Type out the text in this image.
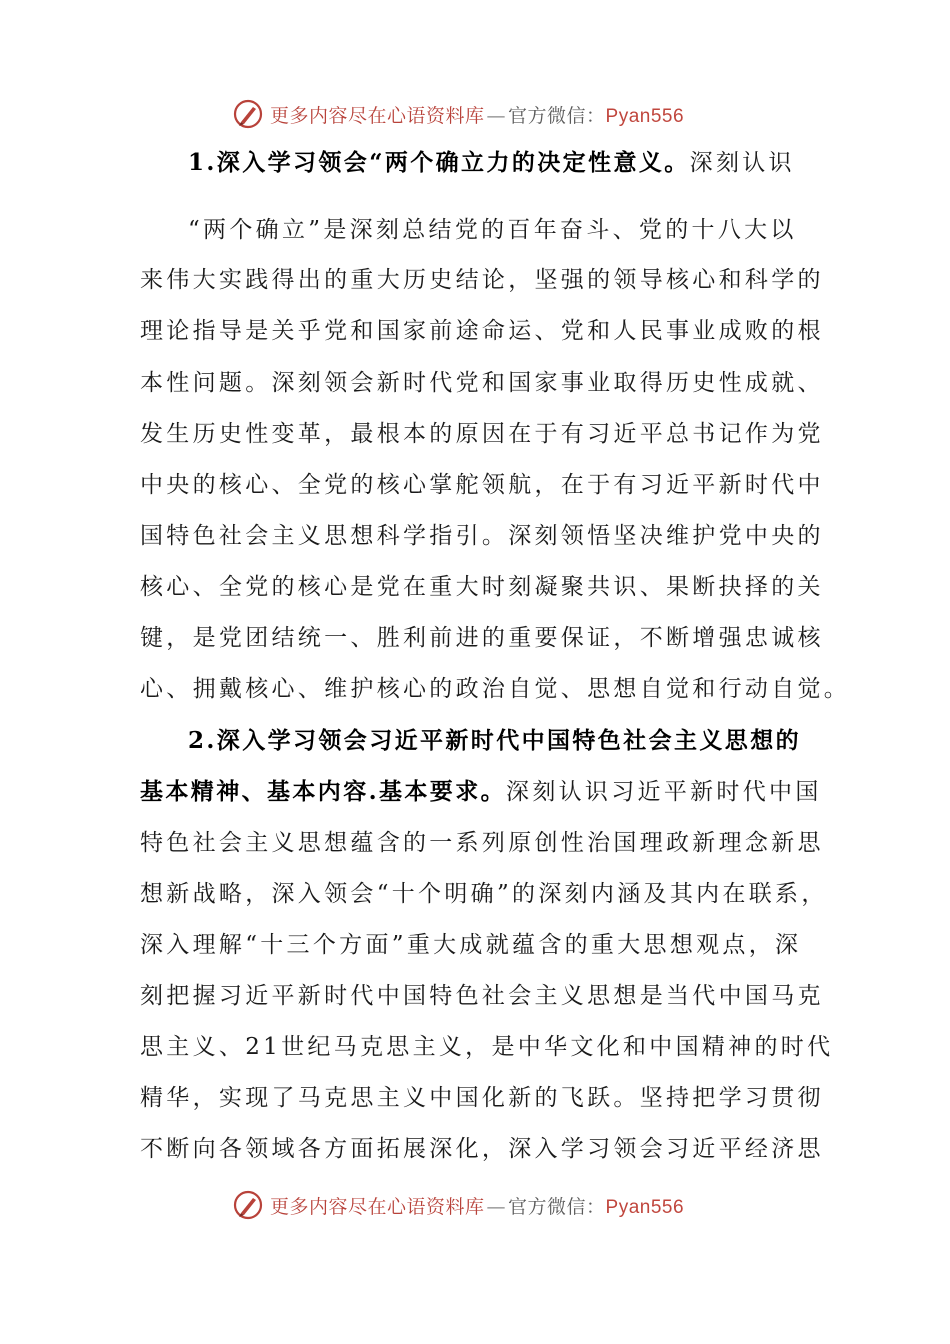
更多内容尽在心语资料库 — 官方微信：Pyan556
1.深入学习领会“两个确立力的决定性意义。深刻认识
“两个确立”是深刻总结党的百年奋斗、党的十八大以
来伟大实践得出的重大历史结论，坚强的领导核心和科学的
理论指导是关乎党和国家前途命运、党和人民事业成败的根
本性问题。深刻领会新时代党和国家事业取得历史性成就、
发生历史性变革，最根本的原因在于有习近平总书记作为党
中央的核心、全党的核心掌舵领航，在于有习近平新时代中
国特色社会主义思想科学指引。深刻领悟坚决维护党中央的
核心、全党的核心是党在重大时刻凝聚共识、果断抉择的关
键，是党团结统一、胜利前进的重要保证，不断增强忠诚核
心、拥戴核心、维护核心的政治自觉、思想自觉和行动自觉。
2.深入学习领会习近平新时代中国特色社会主义思想的
基本精神、基本内容.基本要求。深刻认识习近平新时代中国
特色社会主义思想蕴含的一系列原创性治国理政新理念新思
想新战略，深入领会“十个明确”的深刻内涵及其内在联系，
深入理解“十三个方面”重大成就蕴含的重大思想观点，深
刻把握习近平新时代中国特色社会主义思想是当代中国马克
思主义、21世纪马克思主义，是中华文化和中国精神的时代
精华，实现了马克思主义中国化新的飞跃。坚持把学习贯彻
不断向各领域各方面拓展深化，深入学习领会习近平经济思
更多内容尽在心语资料库 — 官方微信：Pyan556
